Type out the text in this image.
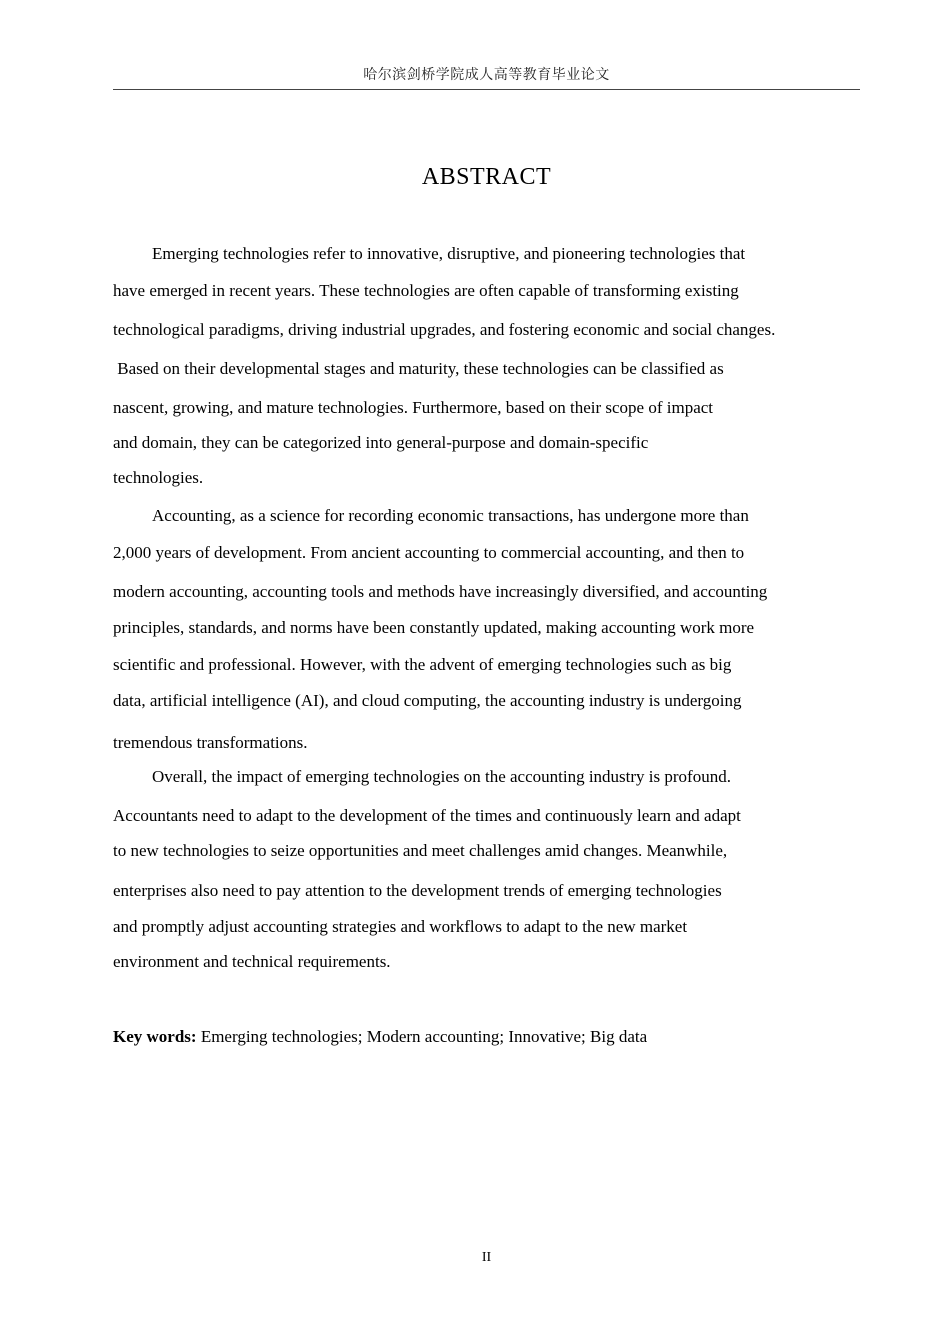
哈尔滨剑桥学院成人高等教育毕业论文
ABSTRACT
Emerging technologies refer to innovative, disruptive, and pioneering technologies that
have emerged in recent years. These technologies are often capable of transforming existing
technological paradigms, driving industrial upgrades, and fostering economic and social changes.
Based on their developmental stages and maturity, these technologies can be classified as
nascent, growing, and mature technologies. Furthermore, based on their scope of impact
and domain, they can be categorized into general-purpose and domain-specific
technologies.
Accounting, as a science for recording economic transactions, has undergone more than
2,000 years of development. From ancient accounting to commercial accounting, and then to
modern accounting, accounting tools and methods have increasingly diversified, and accounting
principles, standards, and norms have been constantly updated, making accounting work more
scientific and professional. However, with the advent of emerging technologies such as big
data, artificial intelligence (AI), and cloud computing, the accounting industry is undergoing
tremendous transformations.
Overall, the impact of emerging technologies on the accounting industry is profound.
Accountants need to adapt to the development of the times and continuously learn and adapt
to new technologies to seize opportunities and meet challenges amid changes. Meanwhile,
enterprises also need to pay attention to the development trends of emerging technologies
and promptly adjust accounting strategies and workflows to adapt to the new market
environment and technical requirements.
Key words: Emerging technologies; Modern accounting; Innovative; Big data
II
